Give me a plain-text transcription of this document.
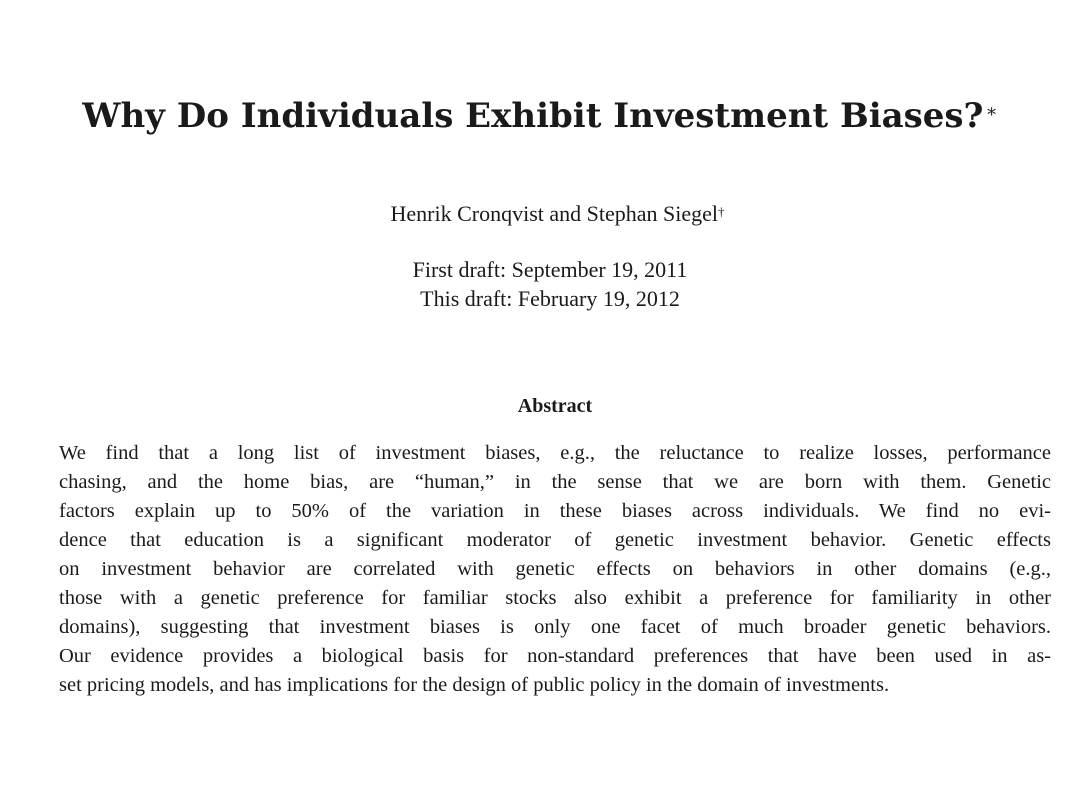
Why Do Individuals Exhibit Investment Biases? ∗
Henrik Cronqvist and Stephan Siegel†
First draft: September 19, 2011
This draft: February 19, 2012
Abstract
We find that a long list of investment biases, e.g., the reluctance to realize losses, performance
chasing, and the home bias, are “human,” in the sense that we are born with them. Genetic
factors explain up to 50% of the variation in these biases across individuals. We find no evi-
dence that education is a significant moderator of genetic investment behavior. Genetic effects
on investment behavior are correlated with genetic effects on behaviors in other domains (e.g.,
those with a genetic preference for familiar stocks also exhibit a preference for familiarity in other
domains), suggesting that investment biases is only one facet of much broader genetic behaviors.
Our evidence provides a biological basis for non-standard preferences that have been used in as-
set pricing models, and has implications for the design of public policy in the domain of investments.
